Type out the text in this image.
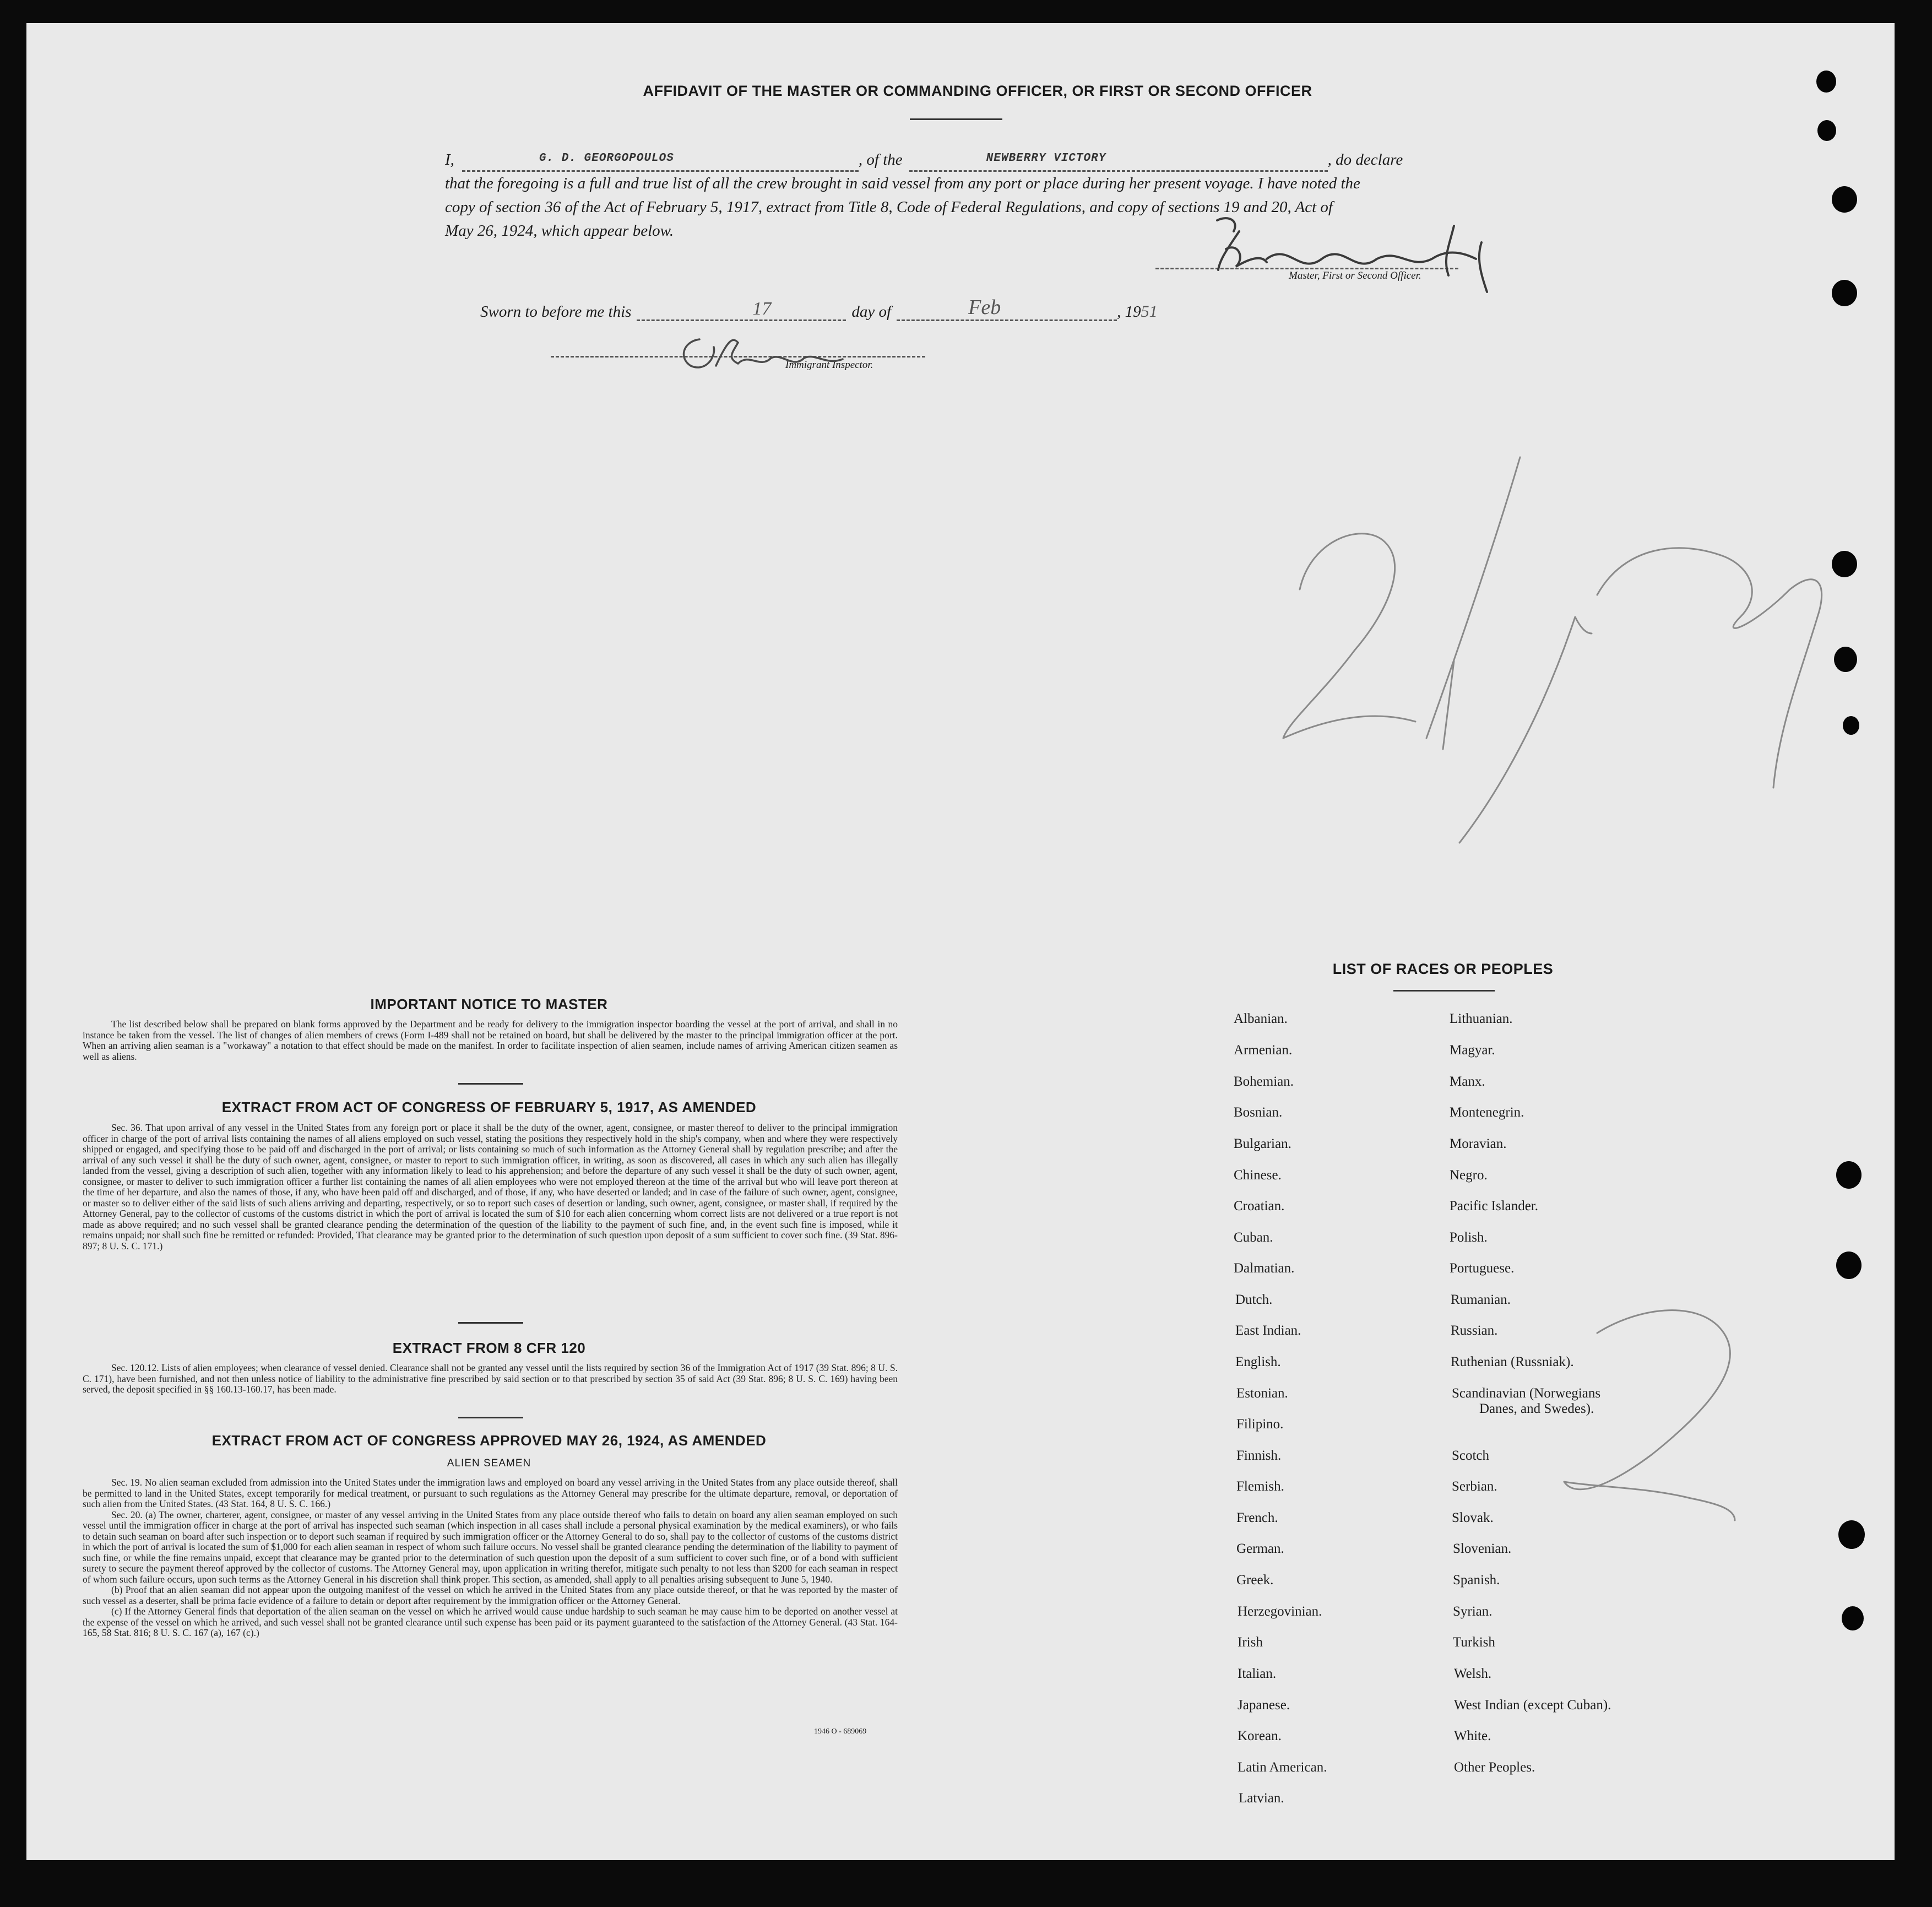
AFFIDAVIT OF THE MASTER OR COMMANDING OFFICER, OR FIRST OR SECOND OFFICER
I,	G. D. GEORGOPOULOS	, of the	NEWBERRY VICTORY	, do declare
that the foregoing is a full and true list of all the crew brought in said vessel from any port or place during her present voyage. I have noted the
copy of section 36 of the Act of February 5, 1917, extract from Title 8, Code of Federal Regulations, and copy of sections 19 and 20, Act of
May 26, 1924, which appear below.
Master, First or Second Officer.
Sworn to before me this	17	day of	Feb	, 19 51
Immigrant Inspector.
IMPORTANT NOTICE TO MASTER
The list described below shall be prepared on blank forms approved by the Department and be ready for delivery to the immigration inspector boarding the vessel at the port of arrival, and shall in no instance be taken from the vessel. The list of changes of alien members of crews (Form I-489 shall not be retained on board, but shall be delivered by the master to the principal immigration officer at the port. When an arriving alien seaman is a "workaway" a notation to that effect should be made on the manifest. In order to facilitate inspection of alien seamen, include names of arriving American citizen seamen as well as aliens.
EXTRACT FROM ACT OF CONGRESS OF FEBRUARY 5, 1917, AS AMENDED
Sec. 36. That upon arrival of any vessel in the United States from any foreign port or place it shall be the duty of the owner, agent, consignee, or master thereof to deliver to the principal immigration officer in charge of the port of arrival lists containing the names of all aliens employed on such vessel, stating the positions they respectively hold in the ship's company, when and where they were respectively shipped or engaged, and specifying those to be paid off and discharged in the port of arrival; or lists containing so much of such information as the Attorney General shall by regulation prescribe; and after the arrival of any such vessel it shall be the duty of such owner, agent, consignee, or master to report to such immigration officer, in writing, as soon as discovered, all cases in which any such alien has illegally landed from the vessel, giving a description of such alien, together with any information likely to lead to his apprehension; and before the departure of any such vessel it shall be the duty of such owner, agent, consignee, or master to deliver to such immigration officer a further list containing the names of all alien employees who were not employed thereon at the time of the arrival but who will leave port thereon at the time of her departure, and also the names of those, if any, who have been paid off and discharged, and of those, if any, who have deserted or landed; and in case of the failure of such owner, agent, consignee, or master so to deliver either of the said lists of such aliens arriving and departing, respectively, or so to report such cases of desertion or landing, such owner, agent, consignee, or master shall, if required by the Attorney General, pay to the collector of customs of the customs district in which the port of arrival is located the sum of $10 for each alien concerning whom correct lists are not delivered or a true report is not made as above required; and no such vessel shall be granted clearance pending the determination of the question of the liability to the payment of such fine, and, in the event such fine is imposed, while it remains unpaid; nor shall such fine be remitted or refunded: Provided, That clearance may be granted prior to the determination of such question upon deposit of a sum sufficient to cover such fine. (39 Stat. 896-897; 8 U. S. C. 171.)
EXTRACT FROM 8 CFR 120
Sec. 120.12. Lists of alien employees; when clearance of vessel denied. Clearance shall not be granted any vessel until the lists required by section 36 of the Immigration Act of 1917 (39 Stat. 896; 8 U. S. C. 171), have been furnished, and not then unless notice of liability to the administrative fine prescribed by said section or to that prescribed by section 35 of said Act (39 Stat. 896; 8 U. S. C. 169) having been served, the deposit specified in §§ 160.13-160.17, has been made.
EXTRACT FROM ACT OF CONGRESS APPROVED MAY 26, 1924, AS AMENDED
ALIEN SEAMEN
Sec. 19. No alien seaman excluded from admission into the United States under the immigration laws and employed on board any vessel arriving in the United States from any place outside thereof, shall be permitted to land in the United States, except temporarily for medical treatment, or pursuant to such regulations as the Attorney General may prescribe for the ultimate departure, removal, or deportation of such alien from the United States. (43 Stat. 164, 8 U. S. C. 166.)
Sec. 20. (a) The owner, charterer, agent, consignee, or master of any vessel arriving in the United States from any place outside thereof who fails to detain on board any alien seaman employed on such vessel until the immigration officer in charge at the port of arrival has inspected such seaman (which inspection in all cases shall include a personal physical examination by the medical examiners), or who fails to detain such seaman on board after such inspection or to deport such seaman if required by such immigration officer or the Attorney General to do so, shall pay to the collector of customs of the customs district in which the port of arrival is located the sum of $1,000 for each alien seaman in respect of whom such failure occurs. No vessel shall be granted clearance pending the determination of the liability to payment of such fine, or while the fine remains unpaid, except that clearance may be granted prior to the determination of such question upon the deposit of a sum sufficient to cover such fine, or of a bond with sufficient surety to secure the payment thereof approved by the collector of customs. The Attorney General may, upon application in writing therefor, mitigate such penalty to not less than $200 for each seaman in respect of whom such failure occurs, upon such terms as the Attorney General in his discretion shall think proper. This section, as amended, shall apply to all penalties arising subsequent to June 5, 1940.
(b) Proof that an alien seaman did not appear upon the outgoing manifest of the vessel on which he arrived in the United States from any place outside thereof, or that he was reported by the master of such vessel as a deserter, shall be prima facie evidence of a failure to detain or deport after requirement by the immigration officer or the Attorney General.
(c) If the Attorney General finds that deportation of the alien seaman on the vessel on which he arrived would cause undue hardship to such seaman he may cause him to be deported on another vessel at the expense of the vessel on which he arrived, and such vessel shall not be granted clearance until such expense has been paid or its payment guaranteed to the satisfaction of the Attorney General. (43 Stat. 164-165, 58 Stat. 816; 8 U. S. C. 167 (a), 167 (c).)
1946 O - 689069
LIST OF RACES OR PEOPLES
Albanian.
Armenian.
Bohemian.
Bosnian.
Bulgarian.
Chinese.
Croatian.
Cuban.
Dalmatian.
Dutch.
East Indian.
English.
Estonian.
Filipino.
Finnish.
Flemish.
French.
German.
Greek.
Herzegovinian.
Irish
Italian.
Japanese.
Korean.
Latin American.
Latvian.
Lithuanian.
Magyar.
Manx.
Montenegrin.
Moravian.
Negro.
Pacific Islander.
Polish.
Portuguese.
Rumanian.
Russian.
Ruthenian (Russniak).
Scandinavian (Norwegians
Danes, and Swedes).
Scotch
Serbian.
Slovak.
Slovenian.
Spanish.
Syrian.
Turkish
Welsh.
West Indian (except Cuban).
White.
Other Peoples.
